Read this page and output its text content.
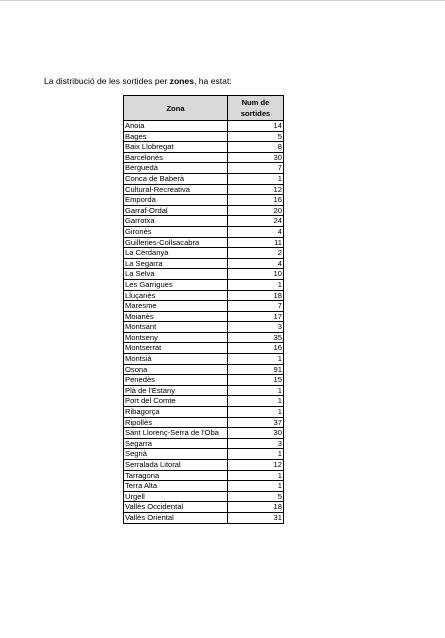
La distribució de les sortides per zones, ha estat:

Zona	Num de
sortides
Anoia	14
Bages	5
Baix Llobregat	8
Barcelonès	30
Berguedà	7
Conca de Baberà	1
Cultural-Recreativa	12
Emporda	16
Garraf-Ordal	20
Garrotxa	24
Gironès	4
Guilleries-Collsacabra	11
La Cerdanya	2
La Segarra	4
La Selva	10
Les Garrigues	1
Lluçanès	18
Maresme	7
Moianès	17
Montsant	3
Montseny	35
Montserrat	16
Montsià	1
Osona	91
Penedès	15
Plà de l'Estany	1
Port del Comte	1
Ribagorça	1
Ripollès	37
Sant Llorenç-Serra de l'Oba	30
Segarra	3
Segrià	1
Serralada Litoral	12
Tarragona	1
Terra Alta	1
Urgell	5
Vallès Occidental	18
Vallès Oriental	31
